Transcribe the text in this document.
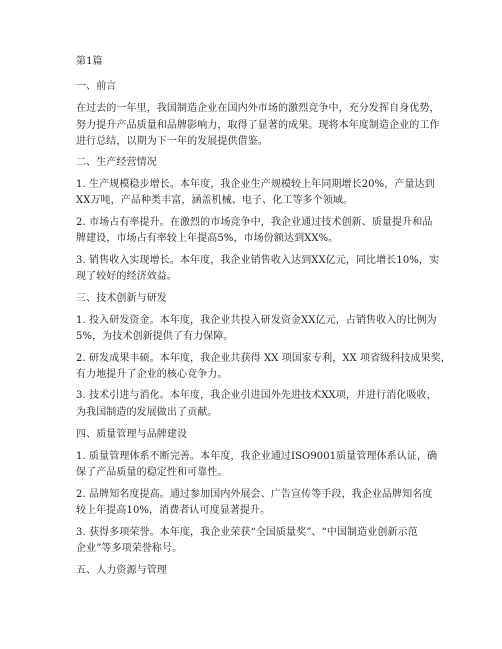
第1篇
一、前言
在过去的一年里，我国制造企业在国内外市场的激烈竞争中，充分发挥自身优势，
努力提升产品质量和品牌影响力，取得了显著的成果。现将本年度制造企业的工作
进行总结，以期为下一年的发展提供借鉴。
二、生产经营情况
1. 生产规模稳步增长。本年度，我企业生产规模较上年同期增长20%，产量达到
XX万吨，产品种类丰富，涵盖机械、电子、化工等多个领域。
2. 市场占有率提升。在激烈的市场竞争中，我企业通过技术创新、质量提升和品
牌建设，市场占有率较上年提高5%，市场份额达到XX%。
3. 销售收入实现增长。本年度，我企业销售收入达到XX亿元，同比增长10%，实
现了较好的经济效益。
三、技术创新与研发
1. 投入研发资金。本年度，我企业共投入研发资金XX亿元，占销售收入的比例为
5%，为技术创新提供了有力保障。
2. 研发成果丰硕。本年度，我企业共获得 XX 项国家专利，XX 项省级科技成果奖，
有力地提升了企业的核心竞争力。
3. 技术引进与消化。本年度，我企业引进国外先进技术XX项，并进行消化吸收，
为我国制造的发展做出了贡献。
四、质量管理与品牌建设
1. 质量管理体系不断完善。本年度，我企业通过ISO9001质量管理体系认证，确
保了产品质量的稳定性和可靠性。
2. 品牌知名度提高。通过参加国内外展会、广告宣传等手段，我企业品牌知名度
较上年提高10%，消费者认可度显著提升。
3. 获得多项荣誉。本年度，我企业荣获“全国质量奖”、“中国制造业创新示范
企业”等多项荣誉称号。
五、人力资源与管理
